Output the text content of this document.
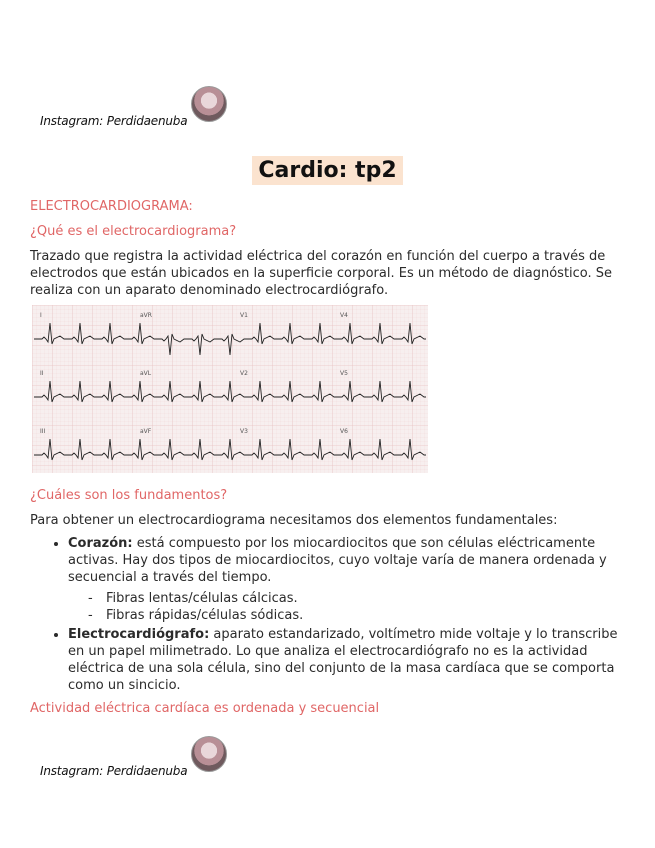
Instagram: Perdidaenuba
Cardio: tp2

ELECTROCARDIOGRAMA:

¿Qué es el electrocardiograma?

Trazado que registra la actividad eléctrica del corazón en función del cuerpo a través de electrodos que están ubicados en la superficie corporal. Es un método de diagnóstico. Se realiza con un aparato denominado electrocardiógrafo.

I	aVR	V1	V4
II	aVL	V2	V5
III	aVF	V3	V6

¿Cuáles son los fundamentos?

Para obtener un electrocardiograma necesitamos dos elementos fundamentales:

• Corazón: está compuesto por los miocardiocitos que son células eléctricamente activas. Hay dos tipos de miocardiocitos, cuyo voltaje varía de manera ordenada y secuencial a través del tiempo.
- Fibras lentas/células cálcicas.
- Fibras rápidas/células sódicas.
• Electrocardiógrafo: aparato estandarizado, voltímetro mide voltaje y lo transcribe en un papel milimetrado. Lo que analiza el electrocardiógrafo no es la actividad eléctrica de una sola célula, sino del conjunto de la masa cardíaca que se comporta como un sincicio.

Actividad eléctrica cardíaca es ordenada y secuencial

Instagram: Perdidaenuba
